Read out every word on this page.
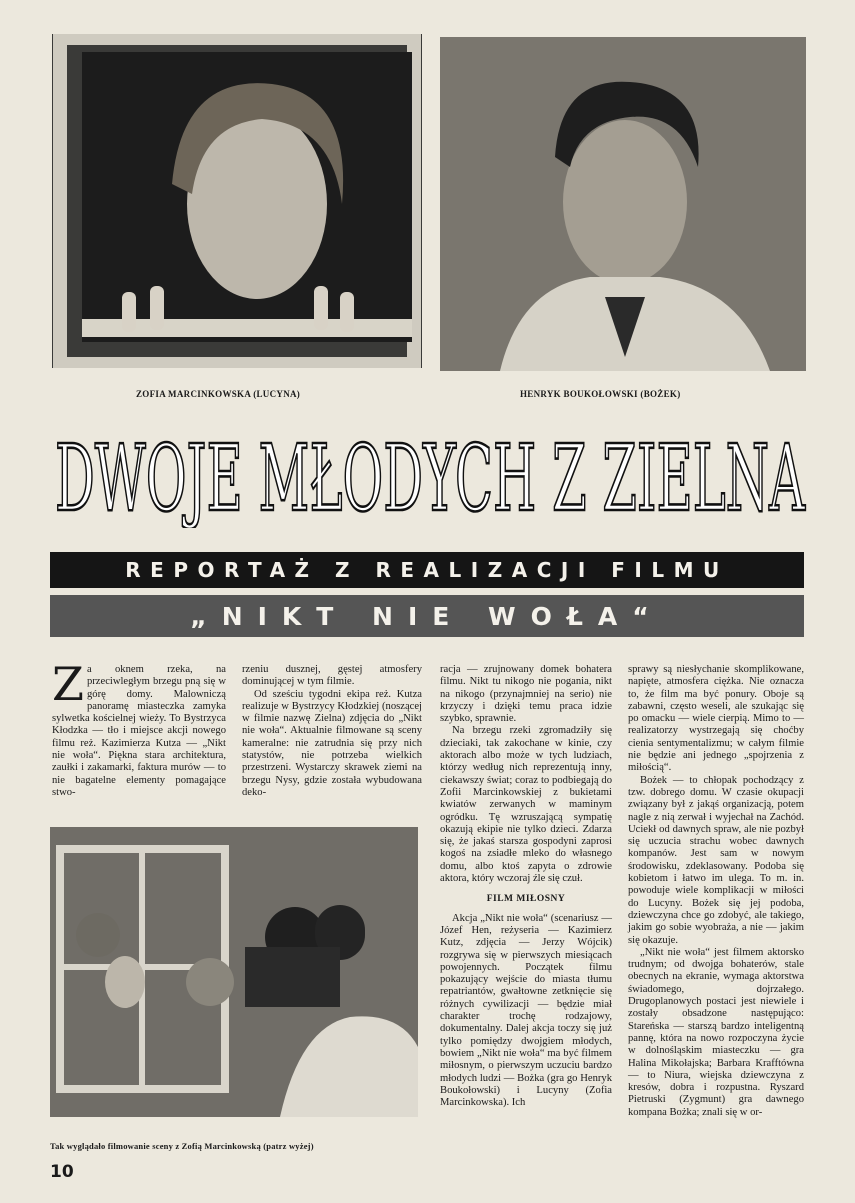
ZOFIA MARCINKOWSKA (LUCYNA)	HENRYK BOUKOŁOWSKI (BOŻEK)
DWOJE MŁODYCH Z ZIELNA
REPORTAŻ Z REALIZACJI FILMU
„NIKT NIE WOŁA“

Za oknem rzeka, na przeciwległym brzegu pną się w górę domy. Malowniczą panoramę miasteczka zamyka sylwetka kościelnej wieży. To Bystrzyca Kłodzka — tło i miejsce akcji nowego filmu reż. Kazimierza Kutza — „Nikt nie woła“. Piękna stara architektura, zaułki i zakamarki, faktura murów — to nie bagatelne elementy pomagające stwo-

rzeniu dusznej, gęstej atmosfery dominującej w tym filmie.

Od sześciu tygodni ekipa reż. Kutza realizuje w Bystrzycy Kłodzkiej (noszącej w filmie nazwę Zielna) zdjęcia do „Nikt nie woła“. Aktualnie filmowane są sceny kameralne: nie zatrudnia się przy nich statystów, nie potrzeba wielkich przestrzeni. Wystarczy skrawek ziemi na brzegu Nysy, gdzie została wybudowana deko-

Tak wyglądało filmowanie sceny z Zofią Marcinkowską (patrz wyżej)

racja — zrujnowany domek bohatera filmu. Nikt tu nikogo nie pogania, nikt na nikogo (przynajmniej na serio) nie krzyczy i dzięki temu praca idzie szybko, sprawnie.

Na brzegu rzeki zgromadziły się dzieciaki, tak zakochane w kinie, czy aktorach albo może w tych ludziach, którzy według nich reprezentują inny, ciekawszy świat; coraz to podbiegają do Zofii Marcinkowskiej z bukietami kwiatów zerwanych w maminym ogródku. Tę wzruszającą sympatię okazują ekipie nie tylko dzieci. Zdarza się, że jakaś starsza gospodyni zaprosi kogoś na zsiadłe mleko do własnego domu, albo ktoś zapyta o zdrowie aktora, który wczoraj źle się czuł.

FILM MIŁOSNY

Akcja „Nikt nie woła“ (scenariusz — Józef Hen, reżyseria — Kazimierz Kutz, zdjęcia — Jerzy Wójcik) rozgrywa się w pierwszych miesiącach powojennych. Początek filmu pokazujący wejście do miasta tłumu repatriantów, gwałtowne zetknięcie się różnych cywilizacji — będzie miał charakter trochę rodzajowy, dokumentalny. Dalej akcja toczy się już tylko pomiędzy dwojgiem młodych, bowiem „Nikt nie woła“ ma być filmem miłosnym, o pierwszym uczuciu bardzo młodych ludzi — Bożka (gra go Henryk Boukołowski) i Lucyny (Zofia Marcinkowska). Ich

sprawy są niesłychanie skomplikowane, napięte, atmosfera ciężka. Nie oznacza to, że film ma być ponury. Oboje są zabawni, często weseli, ale szukając się po omacku — wiele cierpią. Mimo to — realizatorzy wystrzegają się choćby cienia sentymentalizmu; w całym filmie nie będzie ani jednego „spojrzenia z miłością“.

Bożek — to chłopak pochodzący z tzw. dobrego domu. W czasie okupacji związany był z jakąś organizacją, potem nagle z nią zerwał i wyjechał na Zachód. Uciekł od dawnych spraw, ale nie pozbył się uczucia strachu wobec dawnych kompanów. Jest sam w nowym środowisku, zdeklasowany. Podoba się kobietom i łatwo im ulega. To m. in. powoduje wiele komplikacji w miłości do Lucyny. Bożek się jej podoba, dziewczyna chce go zdobyć, ale takiego, jakim go sobie wyobraża, a nie — jakim się okazuje.

„Nikt nie woła“ jest filmem aktorsko trudnym; od dwojga bohaterów, stale obecnych na ekranie, wymaga aktorstwa świadomego, dojrzałego. Drugoplanowych postaci jest niewiele i zostały obsadzone następująco: Stareńska — starszą bardzo inteligentną pannę, która na nowo rozpoczyna życie w dolnośląskim miasteczku — gra Halina Mikołajska; Barbara Krafftówna — to Niura, wiejska dziewczyna z kresów, dobra i rozpustna. Ryszard Pietruski (Zygmunt) gra dawnego kompana Bożka; znali się w or-

10
